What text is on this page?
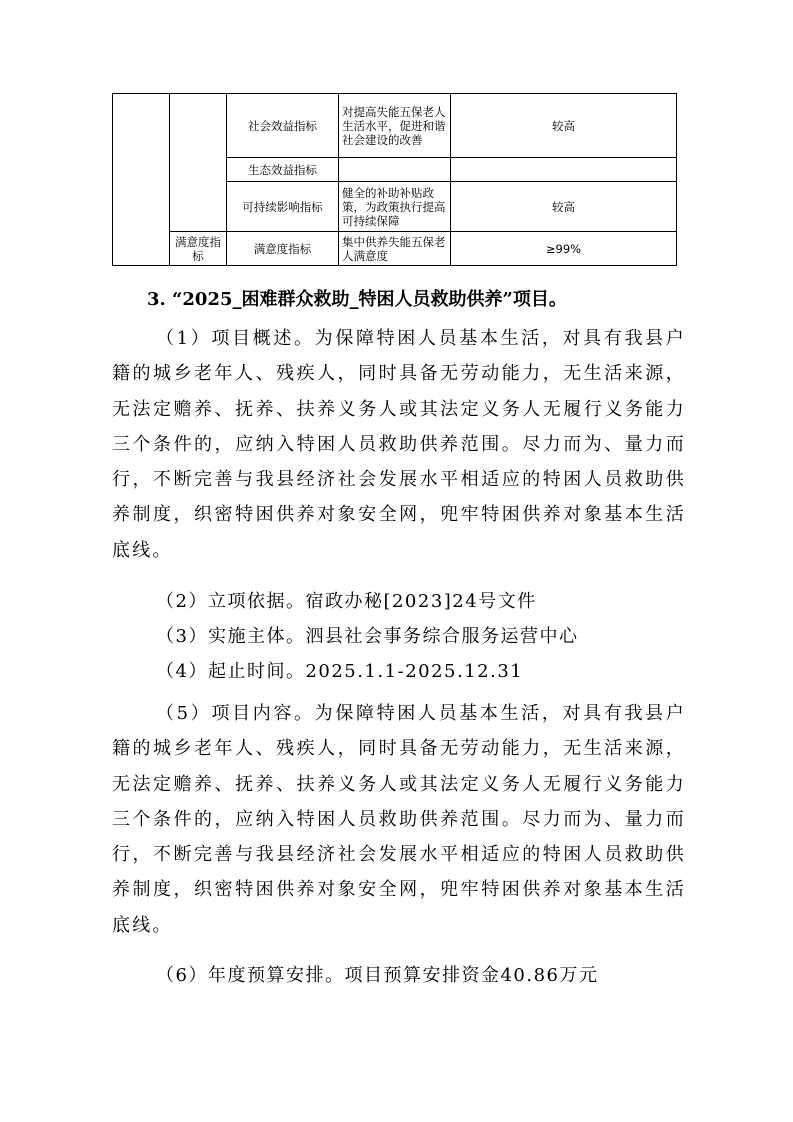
		社会效益指标	对提高失能五保老人生活水平，促进和谐社会建设的改善	较高
		生态效益指标		
		可持续影响指标	健全的补助补贴政策，为政策执行提高可持续保障	较高
	满意度指标	满意度指标	集中供养失能五保老人满意度	≥99%
3. “2025_困难群众救助_特困人员救助供养”项目。

（1）项目概述。为保障特困人员基本生活，对具有我县户籍的城乡老年人、残疾人，同时具备无劳动能力，无生活来源，无法定赡养、抚养、扶养义务人或其法定义务人无履行义务能力三个条件的，应纳入特困人员救助供养范围。尽力而为、量力而行，不断完善与我县经济社会发展水平相适应的特困人员救助供养制度，织密特困供养对象安全网，兜牢特困供养对象基本生活底线。

（2）立项依据。宿政办秘[2023]24号文件

（3）实施主体。泗县社会事务综合服务运营中心

（4）起止时间。2025.1.1-2025.12.31

（5）项目内容。为保障特困人员基本生活，对具有我县户籍的城乡老年人、残疾人，同时具备无劳动能力，无生活来源，无法定赡养、抚养、扶养义务人或其法定义务人无履行义务能力三个条件的，应纳入特困人员救助供养范围。尽力而为、量力而行，不断完善与我县经济社会发展水平相适应的特困人员救助供养制度，织密特困供养对象安全网，兜牢特困供养对象基本生活底线。

（6）年度预算安排。项目预算安排资金40.86万元
